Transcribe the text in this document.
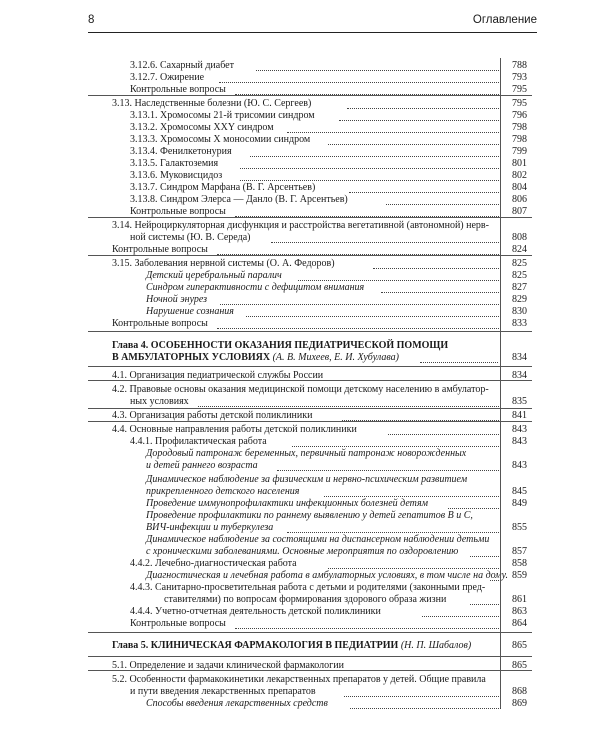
8	Оглавление
3.12.6. Сахарный диабет	788
3.12.7. Ожирение	793
Контрольные вопросы	795
3.13. Наследственные болезни (Ю. С. Сергеев)	795
3.13.1. Хромосомы 21-й трисомии синдром	796
3.13.2. Хромосомы XXY синдром	798
3.13.3. Хромосомы X моносомии синдром	798
3.13.4. Фенилкетонурия	799
3.13.5. Галактоземия	801
3.13.6. Муковисцидоз	802
3.13.7. Синдром Марфана (В. Г. Арсентьев)	804
3.13.8. Синдром Элерса — Данло (В. Г. Арсентьев)	806
Контрольные вопросы	807
3.14. Нейроциркуляторная дисфункция и расстройства вегетативной (автономной) нерв-
ной системы (Ю. В. Середа)	808
Контрольные вопросы	824
3.15. Заболевания нервной системы (О. А. Федоров)	825
Детский церебральный паралич	825
Синдром гиперактивности с дефицитом внимания	827
Ночной энурез	829
Нарушение сознания	830
Контрольные вопросы	833
Глава 4. ОСОБЕННОСТИ ОКАЗАНИЯ ПЕДИАТРИЧЕСКОЙ ПОМОЩИ
В АМБУЛАТОРНЫХ УСЛОВИЯХ (А. В. Михеев, Е. И. Хубулава)	834
4.1. Организация педиатрической службы России	834
4.2. Правовые основы оказания медицинской помощи детскому населению в амбулатор-
ных условиях	835
4.3. Организация работы детской поликлиники	841
4.4. Основные направления работы детской поликлиники	843
4.4.1. Профилактическая работа	843
Дородовый патронаж беременных, первичный патронаж новорожденных
и детей раннего возраста	843
Динамическое наблюдение за физическим и нервно-психическим развитием
прикрепленного детского населения	845
Проведение иммунопрофилактики инфекционных болезней детям	849
Проведение профилактики по раннему выявлению у детей гепатитов В и С,
ВИЧ-инфекции и туберкулеза	855
Динамическое наблюдение за состоящими на диспансерном наблюдении детьми
с хроническими заболеваниями. Основные мероприятия по оздоровлению	857
4.4.2. Лечебно-диагностическая работа	858
Диагностическая и лечебная работа в амбулаторных условиях, в том числе на дому. 859
4.4.3. Санитарно-просветительная работа с детьми и родителями (законными пред-
ставителями) по вопросам формирования здорового образа жизни	861
4.4.4. Учетно-отчетная деятельность детской поликлиники	863
Контрольные вопросы	864
Глава 5. КЛИНИЧЕСКАЯ ФАРМАКОЛОГИЯ В ПЕДИАТРИИ (Н. П. Шабалов)	865
5.1. Определение и задачи клинической фармакологии	865
5.2. Особенности фармакокинетики лекарственных препаратов у детей. Общие правила
и пути введения лекарственных препаратов	868
Способы введения лекарственных средств	869
